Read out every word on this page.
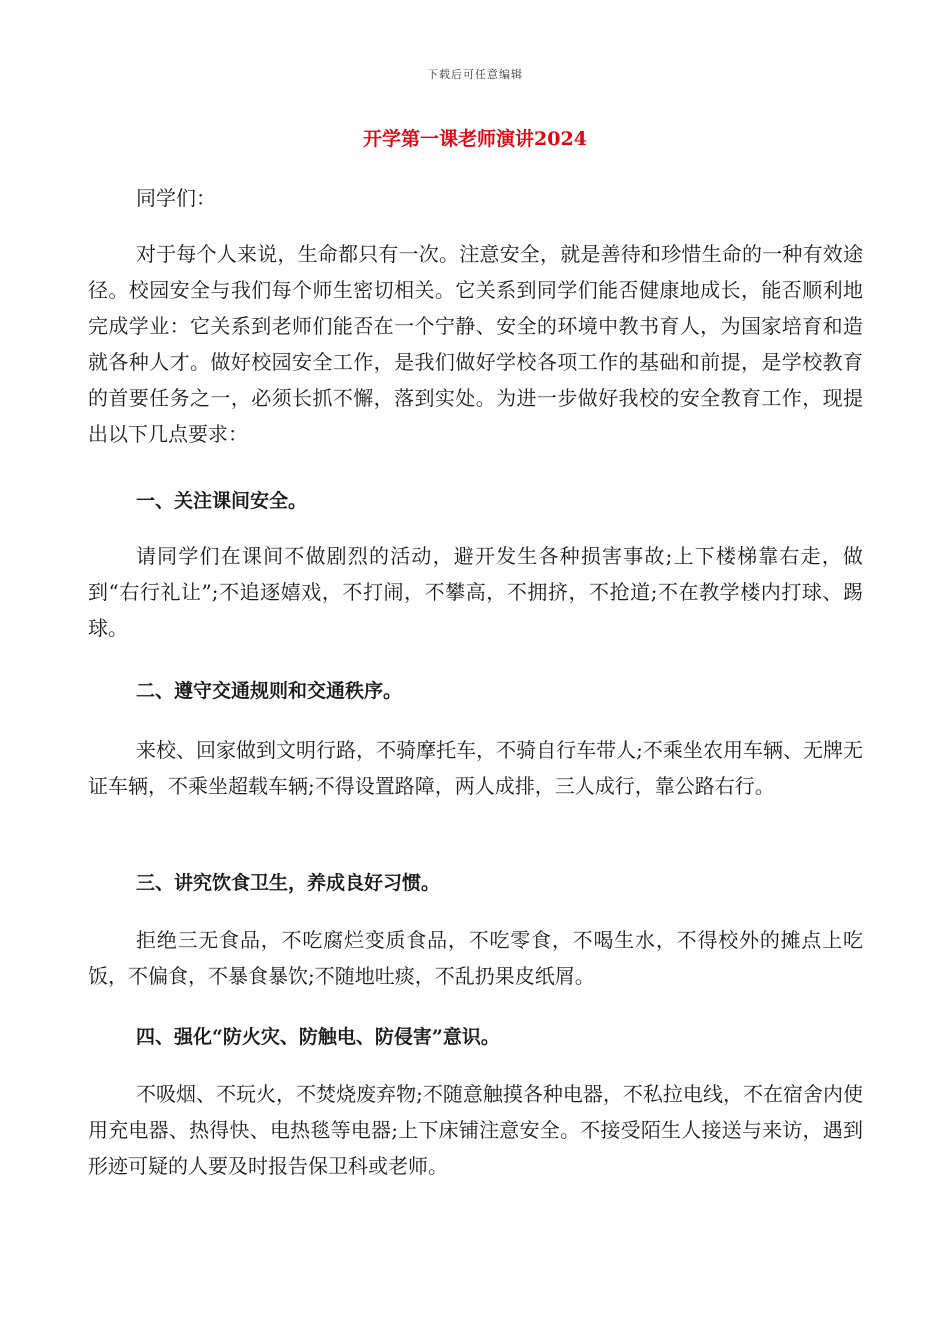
下载后可任意编辑
开学第一课老师演讲2024

同学们：

对于每个人来说，生命都只有一次。注意安全，就是善待和珍惜生命的一种有效途径。校园安全与我们每个师生密切相关。它关系到同学们能否健康地成长，能否顺利地完成学业：它关系到老师们能否在一个宁静、安全的环境中教书育人，为国家培育和造就各种人才。做好校园安全工作，是我们做好学校各项工作的基础和前提，是学校教育的首要任务之一，必须长抓不懈，落到实处。为进一步做好我校的安全教育工作，现提出以下几点要求：

一、关注课间安全。

请同学们在课间不做剧烈的活动，避开发生各种损害事故;上下楼梯靠右走，做到“右行礼让”;不追逐嬉戏，不打闹，不攀高，不拥挤，不抢道;不在教学楼内打球、踢球。

二、遵守交通规则和交通秩序。

来校、回家做到文明行路，不骑摩托车，不骑自行车带人;不乘坐农用车辆、无牌无证车辆，不乘坐超载车辆;不得设置路障，两人成排，三人成行，靠公路右行。

三、讲究饮食卫生，养成良好习惯。

拒绝三无食品，不吃腐烂变质食品，不吃零食，不喝生水，不得校外的摊点上吃饭，不偏食，不暴食暴饮;不随地吐痰，不乱扔果皮纸屑。

四、强化“防火灾、防触电、防侵害”意识。

不吸烟、不玩火，不焚烧废弃物;不随意触摸各种电器，不私拉电线，不在宿舍内使用充电器、热得快、电热毯等电器;上下床铺注意安全。不接受陌生人接送与来访，遇到形迹可疑的人要及时报告保卫科或老师。
